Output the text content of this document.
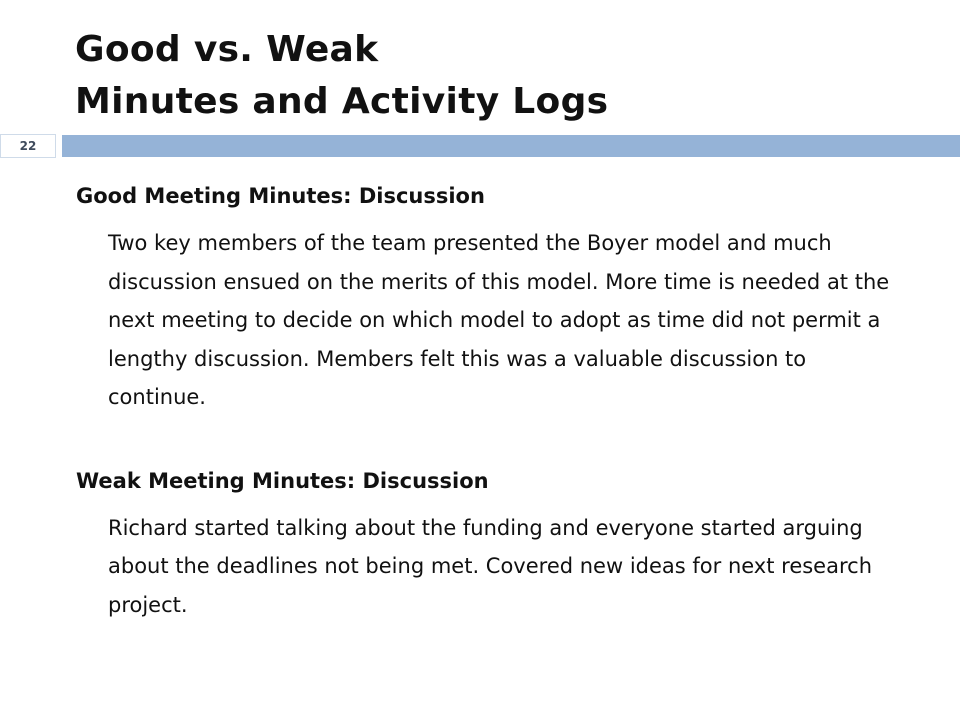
Good vs. Weak
Minutes and Activity Logs
22

Good Meeting Minutes: Discussion

Two key members of the team presented the Boyer model and much discussion ensued on the merits of this model. More time is needed at the next meeting to decide on which model to adopt as time did not permit a lengthy discussion. Members felt this was a valuable discussion to continue.

Weak Meeting Minutes: Discussion

Richard started talking about the funding and everyone started arguing about the deadlines not being met. Covered new ideas for next research project.
